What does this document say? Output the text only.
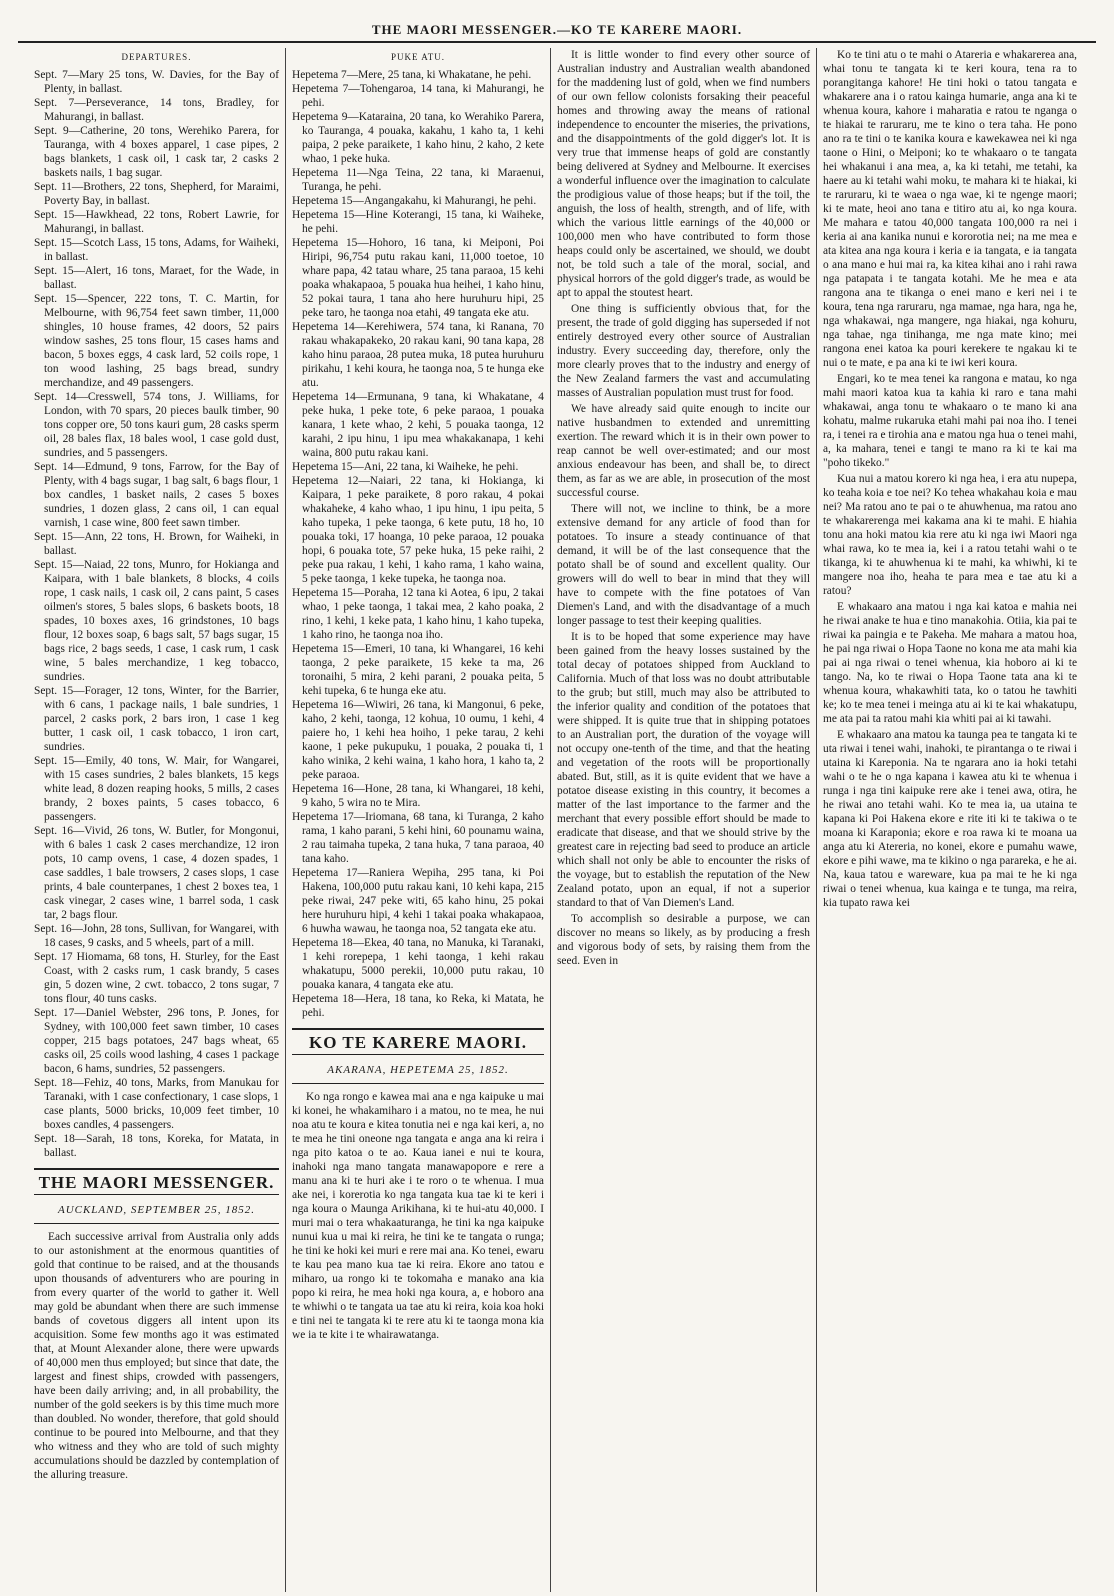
THE MAORI MESSENGER.—KO TE KARERE MAORI.
DEPARTURES.

Sept. 7—Mary 25 tons, W. Davies, for the Bay of Plenty, in ballast.

Sept. 7—Perseverance, 14 tons, Bradley, for Mahurangi, in ballast.

Sept. 9—Catherine, 20 tons, Werehiko Parera, for Tauranga, with 4 boxes apparel, 1 case pipes, 2 bags blankets, 1 cask oil, 1 cask tar, 2 casks 2 baskets nails, 1 bag sugar.

Sept. 11—Brothers, 22 tons, Shepherd, for Maraimi, Poverty Bay, in ballast.

Sept. 15—Hawkhead, 22 tons, Robert Lawrie, for Mahurangi, in ballast.

Sept. 15—Scotch Lass, 15 tons, Adams, for Waiheki, in ballast.

Sept. 15—Alert, 16 tons, Maraet, for the Wade, in ballast.

Sept. 15—Spencer, 222 tons, T. C. Martin, for Melbourne, with 96,754 feet sawn timber, 11,000 shingles, 10 house frames, 42 doors, 52 pairs window sashes, 25 tons flour, 15 cases hams and bacon, 5 boxes eggs, 4 cask lard, 52 coils rope, 1 ton wood lashing, 25 bags bread, sundry merchandize, and 49 passengers.

Sept. 14—Cresswell, 574 tons, J. Williams, for London, with 70 spars, 20 pieces baulk timber, 90 tons copper ore, 50 tons kauri gum, 28 casks sperm oil, 28 bales flax, 18 bales wool, 1 case gold dust, sundries, and 5 passengers.

Sept. 14—Edmund, 9 tons, Farrow, for the Bay of Plenty, with 4 bags sugar, 1 bag salt, 6 bags flour, 1 box candles, 1 basket nails, 2 cases 5 boxes sundries, 1 dozen glass, 2 cans oil, 1 can equal varnish, 1 case wine, 800 feet sawn timber.

Sept. 15—Ann, 22 tons, H. Brown, for Waiheki, in ballast.

Sept. 15—Naiad, 22 tons, Munro, for Hokianga and Kaipara, with 1 bale blankets, 8 blocks, 4 coils rope, 1 cask nails, 1 cask oil, 2 cans paint, 5 cases oilmen's stores, 5 bales slops, 6 baskets boots, 18 spades, 10 boxes axes, 16 grindstones, 10 bags flour, 12 boxes soap, 6 bags salt, 57 bags sugar, 15 bags rice, 2 bags seeds, 1 case, 1 cask rum, 1 cask wine, 5 bales merchandize, 1 keg tobacco, sundries.

Sept. 15—Forager, 12 tons, Winter, for the Barrier, with 6 cans, 1 package nails, 1 bale sundries, 1 parcel, 2 casks pork, 2 bars iron, 1 case 1 keg butter, 1 cask oil, 1 cask tobacco, 1 iron cart, sundries.

Sept. 15—Emily, 40 tons, W. Mair, for Wangarei, with 15 cases sundries, 2 bales blankets, 15 kegs white lead, 8 dozen reaping hooks, 5 mills, 2 cases brandy, 2 boxes paints, 5 cases tobacco, 6 passengers.

Sept. 16—Vivid, 26 tons, W. Butler, for Mongonui, with 6 bales 1 cask 2 cases merchandize, 12 iron pots, 10 camp ovens, 1 case, 4 dozen spades, 1 case saddles, 1 bale trowsers, 2 cases slops, 1 case prints, 4 bale counterpanes, 1 chest 2 boxes tea, 1 cask vinegar, 2 cases wine, 1 barrel soda, 1 cask tar, 2 bags flour.

Sept. 16—John, 28 tons, Sullivan, for Wangarei, with 18 cases, 9 casks, and 5 wheels, part of a mill.

Sept. 17 Hiomama, 68 tons, H. Sturley, for the East Coast, with 2 casks rum, 1 cask brandy, 5 cases gin, 5 dozen wine, 2 cwt. tobacco, 2 tons sugar, 7 tons flour, 40 tuns casks.

Sept. 17—Daniel Webster, 296 tons, P. Jones, for Sydney, with 100,000 feet sawn timber, 10 cases copper, 215 bags potatoes, 247 bags wheat, 65 casks oil, 25 coils wood lashing, 4 cases 1 package bacon, 6 hams, sundries, 52 passengers.

Sept. 18—Fehiz, 40 tons, Marks, from Manukau for Taranaki, with 1 case confectionary, 1 case slops, 1 case plants, 5000 bricks, 10,009 feet timber, 10 boxes candles, 4 passengers.

Sept. 18—Sarah, 18 tons, Koreka, for Matata, in ballast.

THE MAORI MESSENGER.
AUCKLAND, SEPTEMBER 25, 1852.

Each successive arrival from Australia only adds to our astonishment at the enormous quantities of gold that continue to be raised, and at the thousands upon thousands of adventurers who are pouring in from every quarter of the world to gather it. Well may gold be abundant when there are such immense bands of covetous diggers all intent upon its acquisition. Some few months ago it was estimated that, at Mount Alexander alone, there were upwards of 40,000 men thus employed; but since that date, the largest and finest ships, crowded with passengers, have been daily arriving; and, in all probability, the number of the gold seekers is by this time much more than doubled. No wonder, therefore, that gold should continue to be poured into Melbourne, and that they who witness and they who are told of such mighty accumulations should be dazzled by contemplation of the alluring treasure.

PUKE ATU.

Hepetema 7—Mere, 25 tana, ki Whakatane, he pehi.

Hepetema 7—Tohengaroa, 14 tana, ki Mahurangi, he pehi.

Hepetema 9—Kataraina, 20 tana, ko Werahiko Parera, ko Tauranga, 4 pouaka, kakahu, 1 kaho ta, 1 kehi paipa, 2 peke paraikete, 1 kaho hinu, 2 kaho, 2 kete whao, 1 peke huka.

Hepetema 11—Nga Teina, 22 tana, ki Maraenui, Turanga, he pehi.

Hepetema 15—Angangakahu, ki Mahurangi, he pehi.

Hepetema 15—Hine Koterangi, 15 tana, ki Waiheke, he pehi.

Hepetema 15—Hohoro, 16 tana, ki Meiponi, Poi Hiripi, 96,754 putu rakau kani, 11,000 toetoe, 10 whare papa, 42 tatau whare, 25 tana paraoa, 15 kehi poaka whakapaoa, 5 pouaka hua heihei, 1 kaho hinu, 52 pokai taura, 1 tana aho here huruhuru hipi, 25 peke taro, he taonga noa etahi, 49 tangata eke atu.

Hepetema 14—Kerehiwera, 574 tana, ki Ranana, 70 rakau whakapakeko, 20 rakau kani, 90 tana kapa, 28 kaho hinu paraoa, 28 putea muka, 18 putea huruhuru pirikahu, 1 kehi koura, he taonga noa, 5 te hunga eke atu.

Hepetema 14—Ermunana, 9 tana, ki Whakatane, 4 peke huka, 1 peke tote, 6 peke paraoa, 1 pouaka kanara, 1 kete whao, 2 kehi, 5 pouaka taonga, 12 karahi, 2 ipu hinu, 1 ipu mea whakakanapa, 1 kehi waina, 800 putu rakau kani.

Hepetema 15—Ani, 22 tana, ki Waiheke, he pehi.

Hepetema 12—Naiari, 22 tana, ki Hokianga, ki Kaipara, 1 peke paraikete, 8 poro rakau, 4 pokai whakaheke, 4 kaho whao, 1 ipu hinu, 1 ipu peita, 5 kaho tupeka, 1 peke taonga, 6 kete putu, 18 ho, 10 pouaka toki, 17 hoanga, 10 peke paraoa, 12 pouaka hopi, 6 pouaka tote, 57 peke huka, 15 peke raihi, 2 peke pua rakau, 1 kehi, 1 kaho rama, 1 kaho waina, 5 peke taonga, 1 keke tupeka, he taonga noa.

Hepetema 15—Poraha, 12 tana ki Aotea, 6 ipu, 2 takai whao, 1 peke taonga, 1 takai mea, 2 kaho poaka, 2 rino, 1 kehi, 1 keke pata, 1 kaho hinu, 1 kaho tupeka, 1 kaho rino, he taonga noa iho.

Hepetema 15—Emeri, 10 tana, ki Whangarei, 16 kehi taonga, 2 peke paraikete, 15 keke ta ma, 26 toronaihi, 5 mira, 2 kehi parani, 2 pouaka peita, 5 kehi tupeka, 6 te hunga eke atu.

Hepetema 16—Wiwiri, 26 tana, ki Mangonui, 6 peke, kaho, 2 kehi, taonga, 12 kohua, 10 oumu, 1 kehi, 4 paiere ho, 1 kehi hea hoiho, 1 peke tarau, 2 kehi kaone, 1 peke pukupuku, 1 pouaka, 2 pouaka ti, 1 kaho winika, 2 kehi waina, 1 kaho hora, 1 kaho ta, 2 peke paraoa.

Hepetema 16—Hone, 28 tana, ki Whangarei, 18 kehi, 9 kaho, 5 wira no te Mira.

Hepetema 17—Iriomana, 68 tana, ki Turanga, 2 kaho rama, 1 kaho parani, 5 kehi hini, 60 pounamu waina, 2 rau taimaha tupeka, 2 tana huka, 7 tana paraoa, 40 tana kaho.

Hepetema 17—Raniera Wepiha, 295 tana, ki Poi Hakena, 100,000 putu rakau kani, 10 kehi kapa, 215 peke riwai, 247 peke witi, 65 kaho hinu, 25 pokai here huruhuru hipi, 4 kehi 1 takai poaka whakapaoa, 6 huwha wawau, he taonga noa, 52 tangata eke atu.

Hepetema 18—Ekea, 40 tana, no Manuka, ki Taranaki, 1 kehi rorepepa, 1 kehi taonga, 1 kehi rakau whakatupu, 5000 perekii, 10,000 putu rakau, 10 pouaka kanara, 4 tangata eke atu.

Hepetema 18—Hera, 18 tana, ko Reka, ki Matata, he pehi.

KO TE KARERE MAORI.
AKARANA, HEPETEMA 25, 1852.

Ko nga rongo e kawea mai ana e nga kaipuke u mai ki konei, he whakamiharo i a matou, no te mea, he nui noa atu te koura e kitea tonutia nei e nga kai keri, a, no te mea he tini oneone nga tangata e anga ana ki reira i nga pito katoa o te ao. Kaua ianei e nui te koura, inahoki nga mano tangata manawapopore e rere a manu ana ki te huri ake i te roro o te whenua. I mua ake nei, i korerotia ko nga tangata kua tae ki te keri i nga koura o Maunga Arikihana, ki te hui-atu 40,000. I muri mai o tera whakaaturanga, he tini ka nga kaipuke nunui kua u mai ki reira, he tini ke te tangata o runga; he tini ke hoki kei muri e rere mai ana. Ko tenei, ewaru te kau pea mano kua tae ki reira. Ekore ano tatou e miharo, ua rongo ki te tokomaha e manako ana kia popo ki reira, he mea hoki nga koura, a, e hoboro ana te whiwhi o te tangata ua tae atu ki reira, koia koa hoki e tini nei te tangata ki te rere atu ki te taonga mona kia we ia te kite i te whairawatanga.

It is little wonder to find every other source of Australian industry and Australian wealth abandoned for the maddening lust of gold, when we find numbers of our own fellow colonists forsaking their peaceful homes and throwing away the means of rational independence to encounter the miseries, the privations, and the disappointments of the gold digger's lot. It is very true that immense heaps of gold are constantly being delivered at Sydney and Melbourne. It exercises a wonderful influence over the imagination to calculate the prodigious value of those heaps; but if the toil, the anguish, the loss of health, strength, and of life, with which the various little earnings of the 40,000 or 100,000 men who have contributed to form those heaps could only be ascertained, we should, we doubt not, be told such a tale of the moral, social, and physical horrors of the gold digger's trade, as would be apt to appal the stoutest heart.

One thing is sufficiently obvious that, for the present, the trade of gold digging has superseded if not entirely destroyed every other source of Australian industry. Every succeeding day, therefore, only the more clearly proves that to the industry and energy of the New Zealand farmers the vast and accumulating masses of Australian population must trust for food.

We have already said quite enough to incite our native husbandmen to extended and unremitting exertion. The reward which it is in their own power to reap cannot be well over-estimated; and our most anxious endeavour has been, and shall be, to direct them, as far as we are able, in prosecution of the most successful course.

There will not, we incline to think, be a more extensive demand for any article of food than for potatoes. To insure a steady continuance of that demand, it will be of the last consequence that the potato shall be of sound and excellent quality. Our growers will do well to bear in mind that they will have to compete with the fine potatoes of Van Diemen's Land, and with the disadvantage of a much longer passage to test their keeping qualities.

It is to be hoped that some experience may have been gained from the heavy losses sustained by the total decay of potatoes shipped from Auckland to California. Much of that loss was no doubt attributable to the grub; but still, much may also be attributed to the inferior quality and condition of the potatoes that were shipped. It is quite true that in shipping potatoes to an Australian port, the duration of the voyage will not occupy one-tenth of the time, and that the heating and vegetation of the roots will be proportionally abated. But, still, as it is quite evident that we have a potatoe disease existing in this country, it becomes a matter of the last importance to the farmer and the merchant that every possible effort should be made to eradicate that disease, and that we should strive by the greatest care in rejecting bad seed to produce an article which shall not only be able to encounter the risks of the voyage, but to establish the reputation of the New Zealand potato, upon an equal, if not a superior standard to that of Van Diemen's Land.

To accomplish so desirable a purpose, we can discover no means so likely, as by producing a fresh and vigorous body of sets, by raising them from the seed. Even in

Ko te tini atu o te mahi o Atareria e whakarerea ana, whai tonu te tangata ki te keri koura, tena ra to porangitanga kahore! He tini hoki o tatou tangata e whakarere ana i o ratou kainga humarie, anga ana ki te whenua koura, kahore i maharatia e ratou te nganga o te hiakai te raruraru, me te kino o tera taha. He pono ano ra te tini o te kanika koura e kawekawea nei ki nga taone o Hini, o Meiponi; ko te whakaaro o te tangata hei whakanui i ana mea, a, ka ki tetahi, me tetahi, ka haere au ki tetahi wahi moku, te mahara ki te hiakai, ki te raruraru, ki te waea o nga wae, ki te ngenge maori; ki te mate, heoi ano tana e titiro atu ai, ko nga koura. Me mahara e tatou 40,000 tangata 100,000 ra nei i keria ai ana kanika nunui e kororotia nei; na me mea e ata kitea ana nga koura i keria e ia tangata, e ia tangata o ana mano e hui mai ra, ka kitea kihai ano i rahi rawa nga patapata i te tangata kotahi. Me he mea e ata rangona ana te tikanga o enei mano e keri nei i te koura, tena nga raruraru, nga mamae, nga hara, nga he, nga whakawai, nga mangere, nga hiakai, nga kohuru, nga tahae, nga tinihanga, me nga mate kino; mei rangona enei katoa ka pouri kerekere te ngakau ki te nui o te mate, e pa ana ki te iwi keri koura.

Engari, ko te mea tenei ka rangona e matau, ko nga mahi maori katoa kua ta kahia ki raro e tana mahi whakawai, anga tonu te whakaaro o te mano ki ana kohatu, malme rukaruka etahi mahi pai noa iho. I tenei ra, i tenei ra e tirohia ana e matou nga hua o tenei mahi, a, ka mahara, tenei e tangi te mano ra ki te kai ma "poho tikeko."

Kua nui a matou korero ki nga hea, i era atu nupepa, ko teaha koia e toe nei? Ko tehea whakahau koia e mau nei? Ma ratou ano te pai o te ahuwhenua, ma ratou ano te whakarerenga mei kakama ana ki te mahi. E hiahia tonu ana hoki matou kia rere atu ki nga iwi Maori nga whai rawa, ko te mea ia, kei i a ratou tetahi wahi o te tikanga, ki te ahuwhenua ki te mahi, ka whiwhi, ki te mangere noa iho, heaha te para mea e tae atu ki a ratou?

E whakaaro ana matou i nga kai katoa e mahia nei he riwai anake te hua e tino manakohia. Otiia, kia pai te riwai ka paingia e te Pakeha. Me mahara a matou hoa, he pai nga riwai o Hopa Taone no kona me ata mahi kia pai ai nga riwai o tenei whenua, kia hoboro ai ki te tango. Na, ko te riwai o Hopa Taone tata ana ki te whenua koura, whakawhiti tata, ko o tatou he tawhiti ke; ko te mea tenei i meinga atu ai ki te kai whakatupu, me ata pai ta ratou mahi kia whiti pai ai ki tawahi.

E whakaaro ana matou ka taunga pea te tangata ki te uta riwai i tenei wahi, inahoki, te pirantanga o te riwai i utaina ki Kareponia. Na te ngarara ano ia hoki tetahi wahi o te he o nga kapana i kawea atu ki te whenua i runga i nga tini kaipuke rere ake i tenei awa, otira, he he riwai ano tetahi wahi. Ko te mea ia, ua utaina te kapana ki Poi Hakena ekore e rite iti ki te takiwa o te moana ki Karaponia; ekore e roa rawa ki te moana ua anga atu ki Atereria, no konei, ekore e pumahu wawe, ekore e pihi wawe, ma te kikino o nga parareka, e he ai. Na, kaua tatou e wareware, kua pa mai te he ki nga riwai o tenei whenua, kua kainga e te tunga, ma reira, kia tupato rawa kei
